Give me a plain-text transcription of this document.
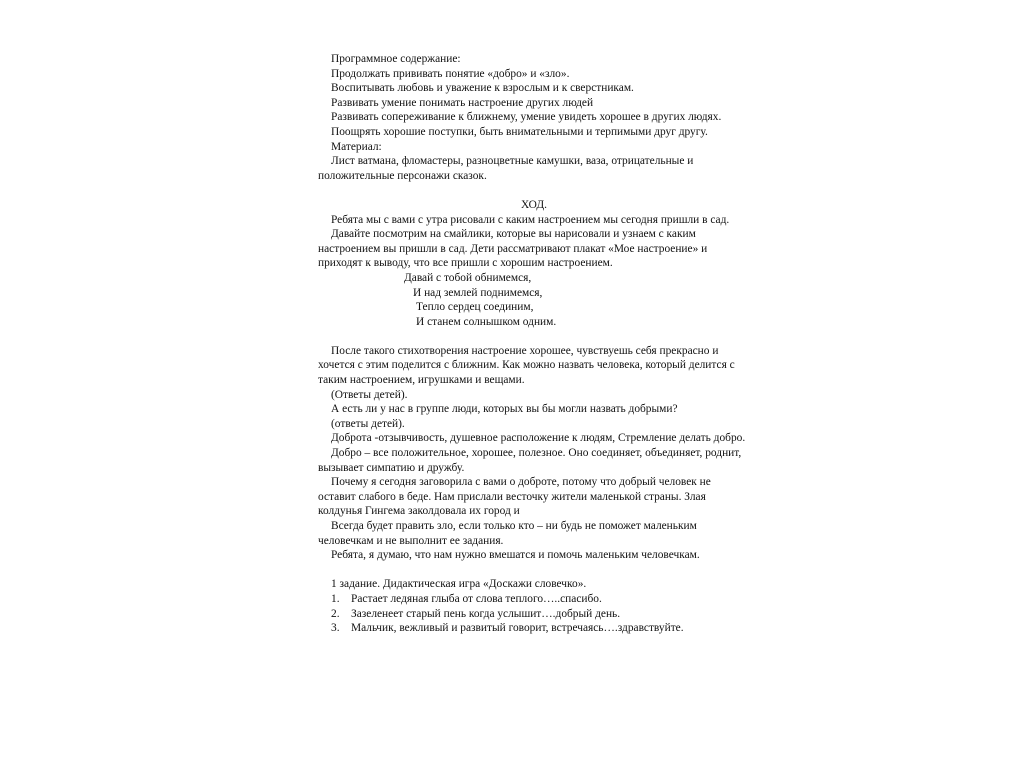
Программное содержание:

Продолжать прививать понятие «добро» и «зло».

Воспитывать любовь и уважение к взрослым и к сверстникам.

Развивать умение понимать настроение других людей

Развивать сопереживание к ближнему, умение увидеть хорошее в других людях.

Поощрять хорошие поступки, быть внимательными и терпимыми друг другу.

Материал:

Лист ватмана, фломастеры, разноцветные камушки, ваза, отрицательные и положительные персонажи сказок.

ХОД.

Ребята мы с вами с утра рисовали с каким настроением мы сегодня пришли в сад.

Давайте посмотрим на смайлики, которые вы нарисовали и узнаем с каким настроением вы пришли в сад. Дети рассматривают плакат «Мое настроение» и приходят к выводу, что все пришли с хорошим настроением.

Давай с тобой обнимемся,

И над землей поднимемся,

Тепло сердец соединим,

И станем солнышком одним.

После такого стихотворения настроение хорошее, чувствуешь себя прекрасно и хочется с этим поделится с ближним. Как можно назвать человека, который делится с таким настроением, игрушками и вещами.

(Ответы детей).

А есть ли у нас в группе люди, которых вы бы могли назвать добрыми?

(ответы детей).

Доброта -отзывчивость, душевное расположение к людям, Стремление делать добро.

Добро – все положительное, хорошее, полезное. Оно соединяет, объединяет, роднит, вызывает симпатию и дружбу.

Почему я сегодня заговорила с вами о доброте, потому что добрый человек не оставит слабого в беде. Нам прислали весточку жители маленькой страны. Злая колдунья Гингема заколдовала их город и

Всегда будет править зло, если только кто – ни будь не поможет маленьким человечкам и не выполнит ее задания.

Ребята, я думаю, что нам нужно вмешатся и помочь маленьким человечкам.

1 задание. Дидактическая игра «Доскажи словечко».

1.	Растает ледяная глыба от слова теплого…..спасибо.
2.	Зазеленеет старый пень когда услышит….добрый день.
3.	Мальчик, вежливый и развитый говорит, встречаясь….здравствуйте.
